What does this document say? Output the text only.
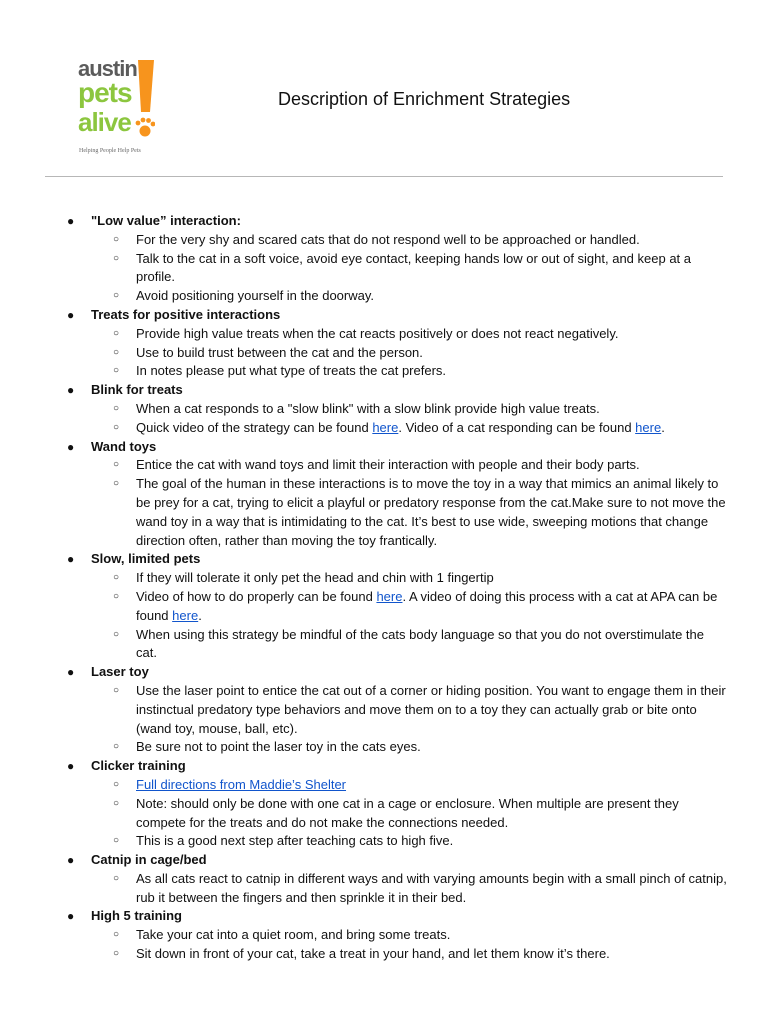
austin
pets
alive
Helping People Help Pets
Description of Enrichment Strategies
● "Low value” interaction:
○	For the very shy and scared cats that do not respond well to be approached or handled.
○	Talk to the cat in a soft voice, avoid eye contact, keeping hands low or out of sight, and keep at a profile.
○	Avoid positioning yourself in the doorway.
● Treats for positive interactions
○	Provide high value treats when the cat reacts positively or does not react negatively.
○	Use to build trust between the cat and the person.
○	In notes please put what type of treats the cat prefers.
● Blink for treats
○	When a cat responds to a "slow blink" with a slow blink provide high value treats.
○	Quick video of the strategy can be found here. Video of a cat responding can be found here.
● Wand toys
○	Entice the cat with wand toys and limit their interaction with people and their body parts.
○	The goal of the human in these interactions is to move the toy in a way that mimics an animal likely to be prey for a cat, trying to elicit a playful or predatory response from the cat.Make sure to not move the wand toy in a way that is intimidating to the cat. It’s best to use wide, sweeping motions that change direction often, rather than moving the toy frantically.
● Slow, limited pets
○	If they will tolerate it only pet the head and chin with 1 fingertip
○	Video of how to do properly can be found here. A video of doing this process with a cat at APA can be found here.
○	When using this strategy be mindful of the cats body language so that you do not overstimulate the cat.
● Laser toy
○	Use the laser point to entice the cat out of a corner or hiding position. You want to engage them in their instinctual predatory type behaviors and move them on to a toy they can actually grab or bite onto (wand toy, mouse, ball, etc).
○	Be sure not to point the laser toy in the cats eyes.
● Clicker training
○	Full directions from Maddie’s Shelter
○	Note: should only be done with one cat in a cage or enclosure. When multiple are present they compete for the treats and do not make the connections needed.
○	This is a good next step after teaching cats to high five.
● Catnip in cage/bed
○	As all cats react to catnip in different ways and with varying amounts begin with a small pinch of catnip, rub it between the fingers and then sprinkle it in their bed.
● High 5 training
○	Take your cat into a quiet room, and bring some treats.
○	Sit down in front of your cat, take a treat in your hand, and let them know it’s there.
